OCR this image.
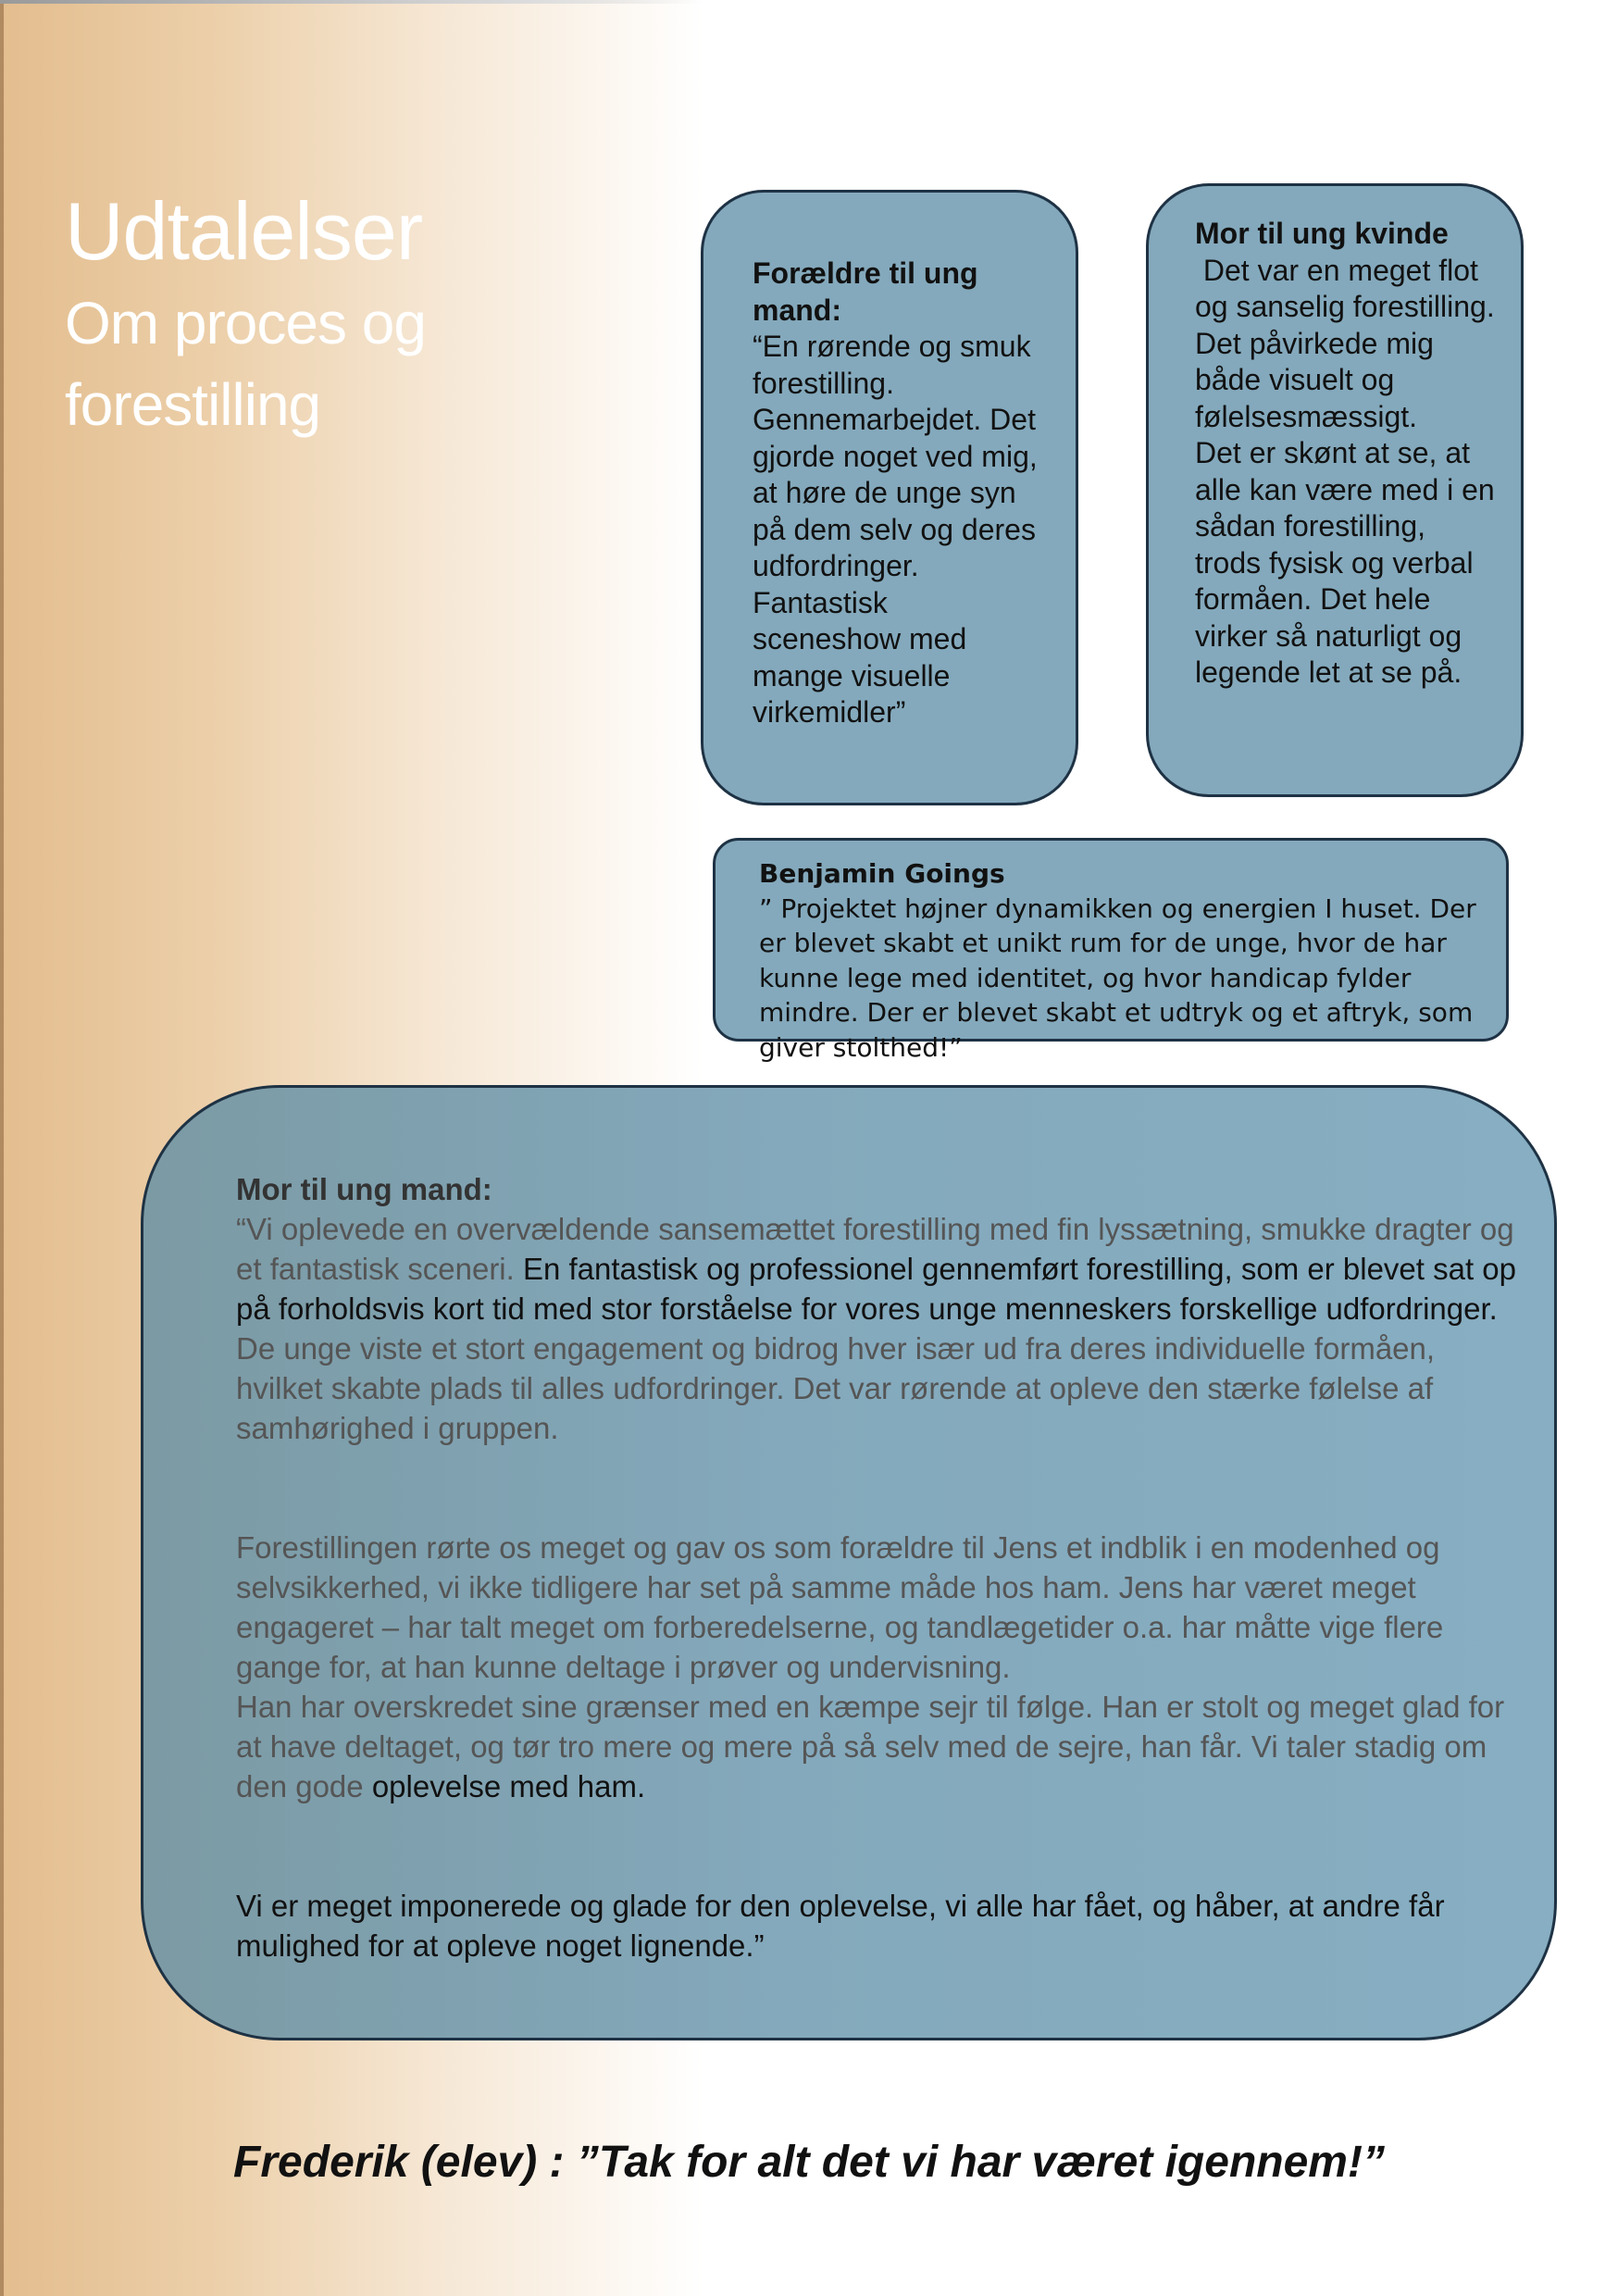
Udtalelser
Om proces og
forestilling
Forældre til ung mand:
“En rørende og smuk forestilling. Gennemarbejdet. Det gjorde noget ved mig, at høre de unge syn på dem selv og deres udfordringer. Fantastisk sceneshow med mange visuelle virkemidler”
Mor til ung kvinde
Det var en meget flot og sanselig forestilling. Det påvirkede mig både visuelt og følelsesmæssigt.
Det er skønt at se, at alle kan være med i en sådan forestilling, trods fysisk og verbal formåen. Det hele virker så naturligt og legende let at se på.
Benjamin Goings
” Projektet højner dynamikken og energien I huset. Der er blevet skabt et unikt rum for de unge, hvor de har kunne lege med identitet, og hvor handicap fylder mindre. Der er blevet skabt et udtryk og et aftryk, som giver stolthed!”
Mor til ung mand:
“Vi oplevede en overvældende sansemættet forestilling med fin lyssætning, smukke dragter og et fantastisk sceneri. En fantastisk og professionel gennemført forestilling, som er blevet sat op på forholdsvis kort tid med stor forståelse for vores unge menneskers forskellige udfordringer. De unge viste et stort engagement og bidrog hver især ud fra deres individuelle formåen, hvilket skabte plads til alles udfordringer. Det var rørende at opleve den stærke følelse af samhørighed i gruppen.
Forestillingen rørte os meget og gav os som forældre til Jens et indblik i en modenhed og selvsikkerhed, vi ikke tidligere har set på samme måde hos ham. Jens har været meget engageret – har talt meget om forberedelserne, og tandlægetider o.a. har måtte vige flere gange for, at han kunne deltage i prøver og undervisning.
Han har overskredet sine grænser med en kæmpe sejr til følge. Han er stolt og meget glad for at have deltaget, og tør tro mere og mere på så selv med de sejre, han får. Vi taler stadig om den gode oplevelse med ham.
Vi er meget imponerede og glade for den oplevelse, vi alle har fået, og håber, at andre får mulighed for at opleve noget lignende.”
Frederik (elev) : ”Tak for alt det vi har været igennem!”
